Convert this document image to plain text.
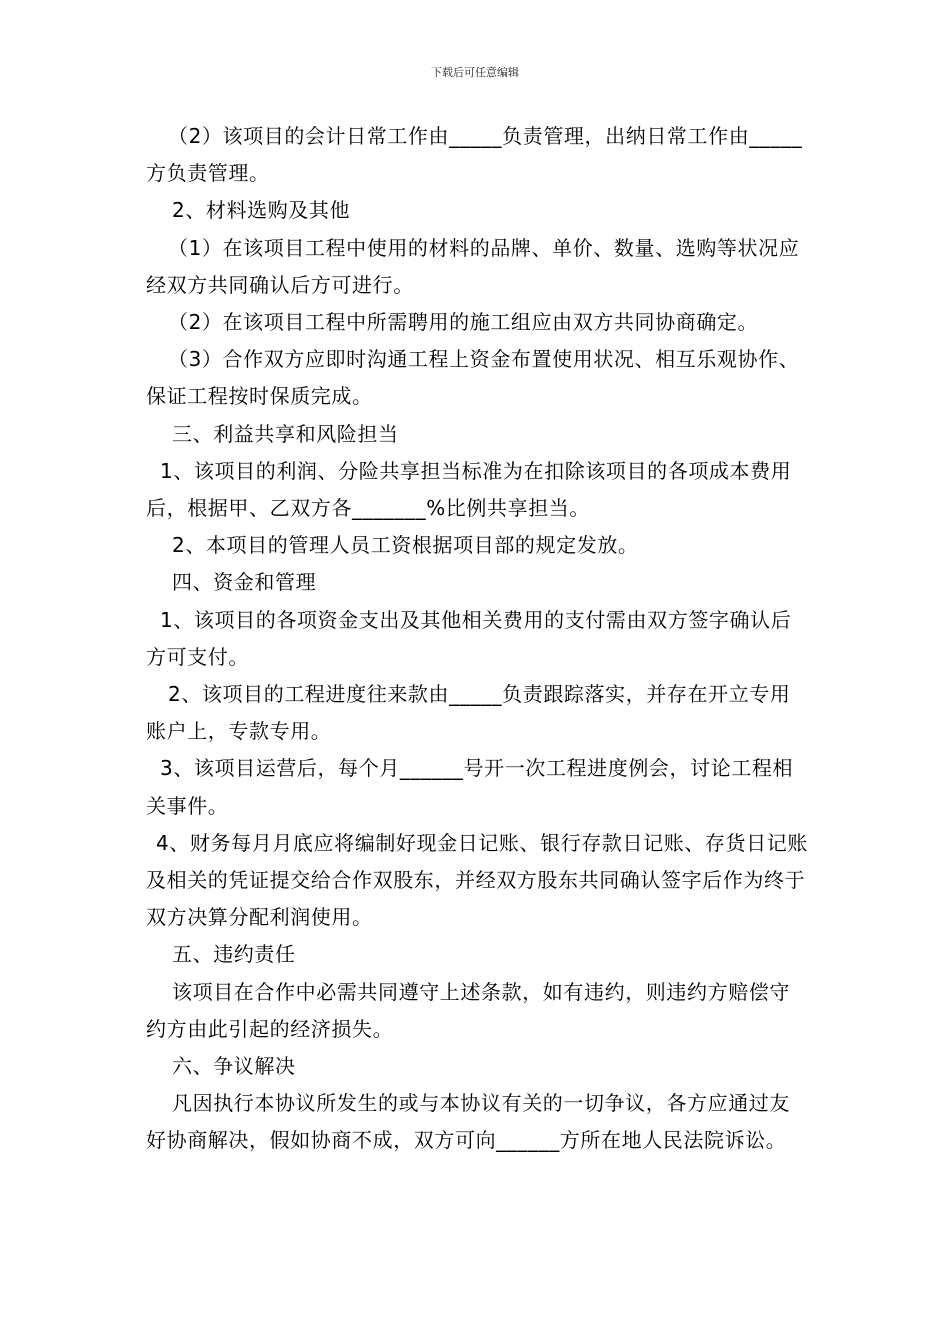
下载后可任意编辑

（2）该项目的会计日常工作由_____负责管理，出纳日常工作由_____方负责管理。

2、材料选购及其他

（1）在该项目工程中使用的材料的品牌、单价、数量、选购等状况应经双方共同确认后方可进行。

（2）在该项目工程中所需聘用的施工组应由双方共同协商确定。

（3）合作双方应即时沟通工程上资金布置使用状况、相互乐观协作、保证工程按时保质完成。

三、利益共享和风险担当

1、该项目的利润、分险共享担当标准为在扣除该项目的各项成本费用后，根据甲、乙双方各_______%比例共享担当。

2、本项目的管理人员工资根据项目部的规定发放。

四、资金和管理

1、该项目的各项资金支出及其他相关费用的支付需由双方签字确认后方可支付。

2、该项目的工程进度往来款由_____负责跟踪落实，并存在开立专用账户上，专款专用。

3、该项目运营后，每个月______号开一次工程进度例会，讨论工程相关事件。

4、财务每月月底应将编制好现金日记账、银行存款日记账、存货日记账及相关的凭证提交给合作双股东，并经双方股东共同确认签字后作为终于双方决算分配利润使用。

五、违约责任

该项目在合作中必需共同遵守上述条款，如有违约，则违约方赔偿守约方由此引起的经济损失。

六、争议解决

凡因执行本协议所发生的或与本协议有关的一切争议，各方应通过友好协商解决，假如协商不成，双方可向______方所在地人民法院诉讼。
